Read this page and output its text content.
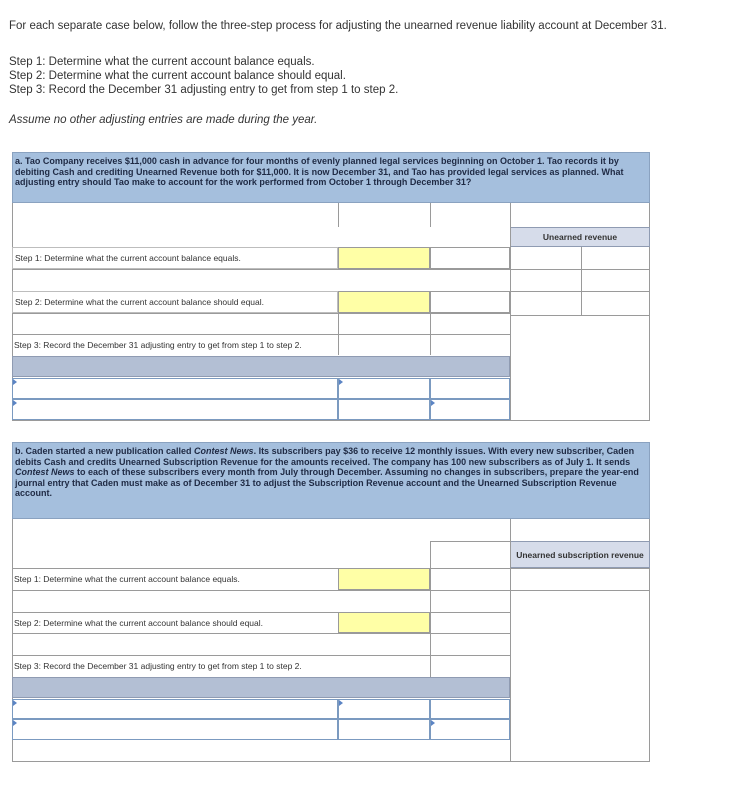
For each separate case below, follow the three-step process for adjusting the unearned revenue liability account at December 31.
Step 1: Determine what the current account balance equals.
Step 2: Determine what the current account balance should equal.
Step 3: Record the December 31 adjusting entry to get from step 1 to step 2.
Assume no other adjusting entries are made during the year.
a. Tao Company receives $11,000 cash in advance for four months of evenly planned legal services beginning on October 1. Tao records it by debiting Cash and crediting Unearned Revenue both for $11,000. It is now December 31, and Tao has provided legal services as planned. What adjusting entry should Tao make to account for the work performed from October 1 through December 31?
Unearned revenue
Step 1: Determine what the current account balance equals.
Step 2: Determine what the current account balance should equal.
Step 3: Record the December 31 adjusting entry to get from step 1 to step 2.
b. Caden started a new publication called Contest News. Its subscribers pay $36 to receive 12 monthly issues. With every new subscriber, Caden debits Cash and credits Unearned Subscription Revenue for the amounts received. The company has 100 new subscribers as of July 1. It sends Contest News to each of these subscribers every month from July through December. Assuming no changes in subscribers, prepare the year-end journal entry that Caden must make as of December 31 to adjust the Subscription Revenue account and the Unearned Subscription Revenue account.
Unearned subscription revenue
Step 1: Determine what the current account balance equals.
Step 2: Determine what the current account balance should equal.
Step 3: Record the December 31 adjusting entry to get from step 1 to step 2.
